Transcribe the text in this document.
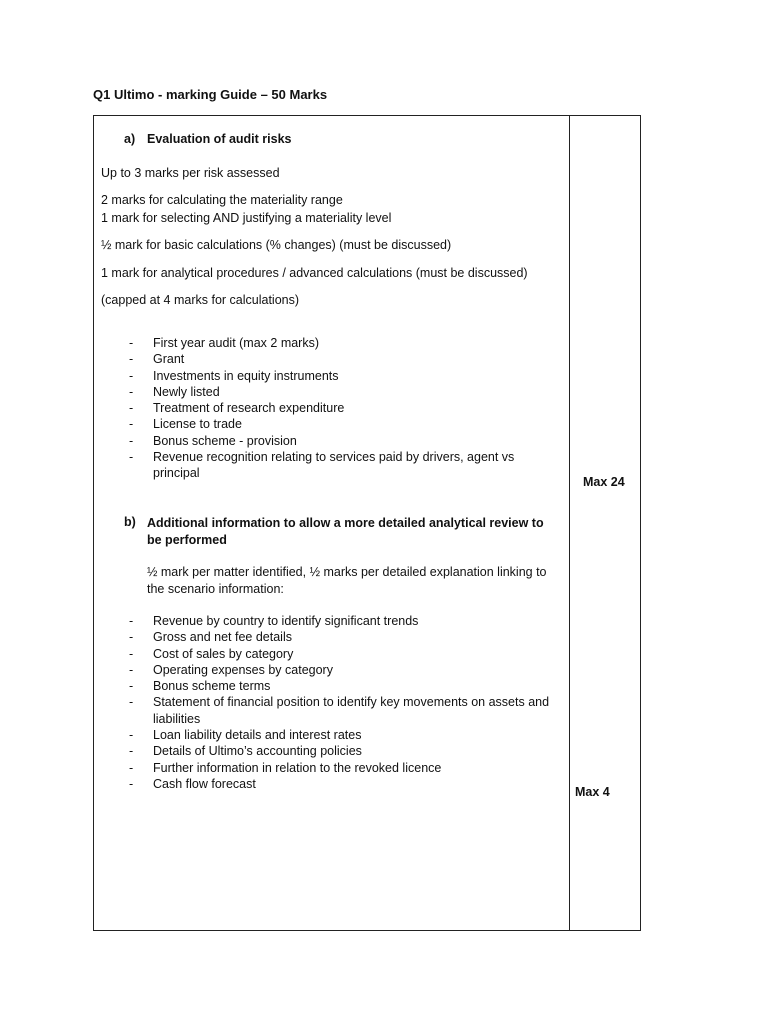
Q1 Ultimo - marking Guide – 50 Marks
a) Evaluation of audit risks
Up to 3 marks per risk assessed
2 marks for calculating the materiality range
1 mark for selecting AND justifying a materiality level
½ mark for basic calculations (% changes) (must be discussed)
1 mark for analytical procedures / advanced calculations (must be discussed)
(capped at 4 marks for calculations)
- First year audit (max 2 marks)
- Grant
- Investments in equity instruments
- Newly listed
- Treatment of research expenditure
- License to trade
- Bonus scheme - provision
- Revenue recognition relating to services paid by drivers, agent vs principal
b) Additional information to allow a more detailed analytical review to be performed
½ mark per matter identified, ½ marks per detailed explanation linking to the scenario information:
- Revenue by country to identify significant trends
- Gross and net fee details
- Cost of sales by category
- Operating expenses by category
- Bonus scheme terms
- Statement of financial position to identify key movements on assets and liabilities
- Loan liability details and interest rates
- Details of Ultimo’s accounting policies
- Further information in relation to the revoked licence
- Cash flow forecast
Max 24
Max 4
